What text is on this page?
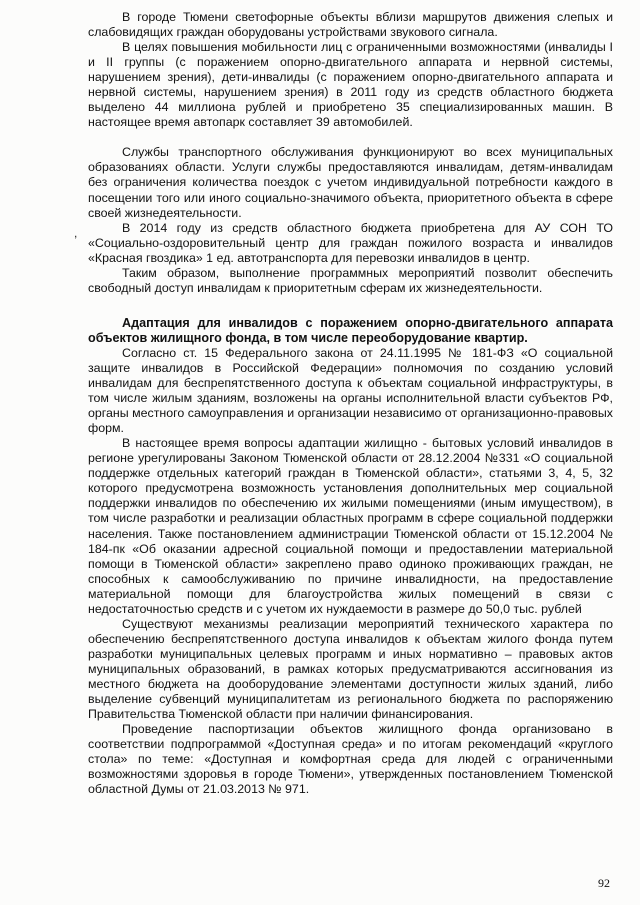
В городе Тюмени светофорные объекты вблизи маршрутов движения слепых и слабовидящих граждан оборудованы устройствами звукового сигнала.

В целях повышения мобильности лиц с ограниченными возможностями (инвалиды I и II группы (с поражением опорно-двигательного аппарата и нервной системы, нарушением зрения), дети-инвалиды (с поражением опорно-двигательного аппарата и нервной системы, нарушением зрения) в 2011 году из средств областного бюджета выделено 44 миллиона рублей и приобретено 35 специализированных машин. В настоящее время автопарк составляет 39 автомобилей.

Службы транспортного обслуживания функционируют во всех муниципальных образованиях области. Услуги службы предоставляются инвалидам, детям-инвалидам без ограничения количества поездок с учетом индивидуальной потребности каждого в посещении того или иного социально-значимого объекта, приоритетного объекта в сфере своей жизнедеятельности.

В 2014 году из средств областного бюджета приобретена для АУ СОН ТО «Социально-оздоровительный центр для граждан пожилого возраста и инвалидов «Красная гвоздика» 1 ед. автотранспорта для перевозки инвалидов в центр.

Таким образом, выполнение программных мероприятий позволит обеспечить свободный доступ инвалидам к приоритетным сферам их жизнедеятельности.

Адаптация для инвалидов с поражением опорно-двигательного аппарата объектов жилищного фонда, в том числе переоборудование квартир.

Согласно ст. 15 Федерального закона от 24.11.1995 № 181-ФЗ «О социальной защите инвалидов в Российской Федерации» полномочия по созданию условий инвалидам для беспрепятственного доступа к объектам социальной инфраструктуры, в том числе жилым зданиям, возложены на органы исполнительной власти субъектов РФ, органы местного самоуправления и организации независимо от организационно-правовых форм.

В настоящее время вопросы адаптации жилищно - бытовых условий инвалидов в регионе урегулированы Законом Тюменской области от 28.12.2004 №331 «О социальной поддержке отдельных категорий граждан в Тюменской области», статьями 3, 4, 5, 32 которого предусмотрена возможность установления дополнительных мер социальной поддержки инвалидов по обеспечению их жилыми помещениями (иным имуществом), в том числе разработки и реализации областных программ в сфере социальной поддержки населения. Также постановлением администрации Тюменской области от 15.12.2004 № 184-пк «Об оказании адресной социальной помощи и предоставлении материальной помощи в Тюменской области» закреплено право одиноко проживающих граждан, не способных к самообслуживанию по причине инвалидности, на предоставление материальной помощи для благоустройства жилых помещений в связи с недостаточностью средств и с учетом их нуждаемости в размере до 50,0 тыс. рублей

Существуют механизмы реализации мероприятий технического характера по обеспечению беспрепятственного доступа инвалидов к объектам жилого фонда путем разработки муниципальных целевых программ и иных нормативно – правовых актов муниципальных образований, в рамках которых предусматриваются ассигнования из местного бюджета на дооборудование элементами доступности жилых зданий, либо выделение субвенций муниципалитетам из регионального бюджета по распоряжению Правительства Тюменской области при наличии финансирования.

Проведение паспортизации объектов жилищного фонда организовано в соответствии подпрограммой «Доступная среда» и по итогам рекомендаций «круглого стола» по теме: «Доступная и комфортная среда для людей с ограниченными возможностями здоровья в городе Тюмени», утвержденных постановлением Тюменской областной Думы от 21.03.2013 № 971.

,
92
